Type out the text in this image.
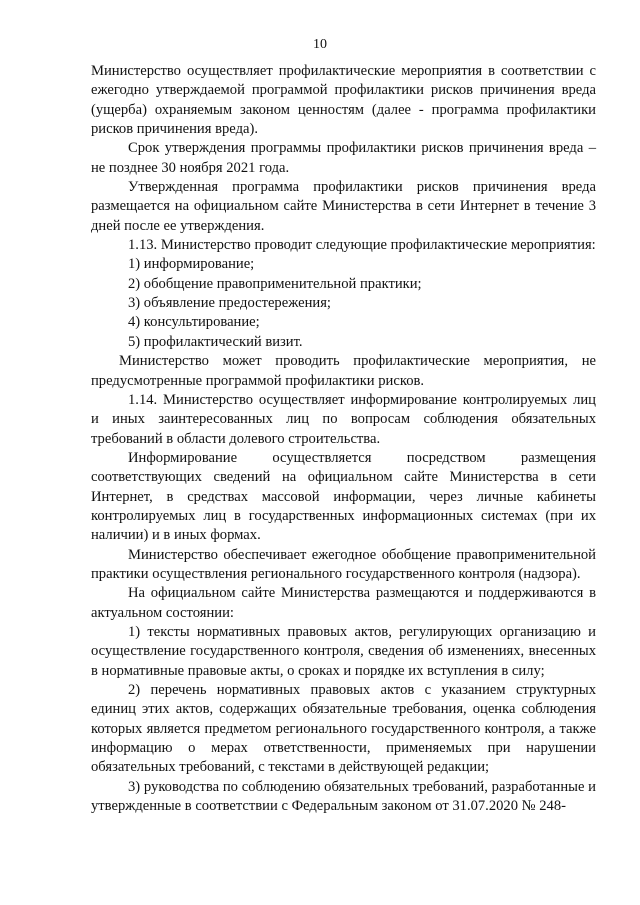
10

Министерство осуществляет профилактические мероприятия в соответствии с ежегодно утверждаемой программой профилактики рисков причинения вреда (ущерба) охраняемым законом ценностям (далее - программа профилактики рисков причинения вреда).

Срок утверждения программы профилактики рисков причинения вреда – не позднее 30 ноября 2021 года.

Утвержденная программа профилактики рисков причинения вреда размещается на официальном сайте Министерства в сети Интернет в течение 3 дней после ее утверждения.

1.13. Министерство проводит следующие профилактические мероприятия:

1) информирование;

2) обобщение правоприменительной практики;

3) объявление предостережения;

4) консультирование;

5) профилактический визит.

Министерство может проводить профилактические мероприятия, не предусмотренные программой профилактики рисков.

1.14. Министерство осуществляет информирование контролируемых лиц и иных заинтересованных лиц по вопросам соблюдения обязательных требований в области долевого строительства.

Информирование осуществляется посредством размещения соответствующих сведений на официальном сайте Министерства в сети Интернет, в средствах массовой информации, через личные кабинеты контролируемых лиц в государственных информационных системах (при их наличии) и в иных формах.

Министерство обеспечивает ежегодное обобщение правоприменительной практики осуществления регионального государственного контроля (надзора).

На официальном сайте Министерства размещаются и поддерживаются в актуальном состоянии:

1) тексты нормативных правовых актов, регулирующих организацию и осуществление государственного контроля, сведения об изменениях, внесенных в нормативные правовые акты, о сроках и порядке их вступления в силу;

2) перечень нормативных правовых актов с указанием структурных единиц этих актов, содержащих обязательные требования, оценка соблюдения которых является предметом регионального государственного контроля, а также информацию о мерах ответственности, применяемых при нарушении обязательных требований, с текстами в действующей редакции;

3) руководства по соблюдению обязательных требований, разработанные и утвержденные в соответствии с Федеральным законом от 31.07.2020 № 248-
